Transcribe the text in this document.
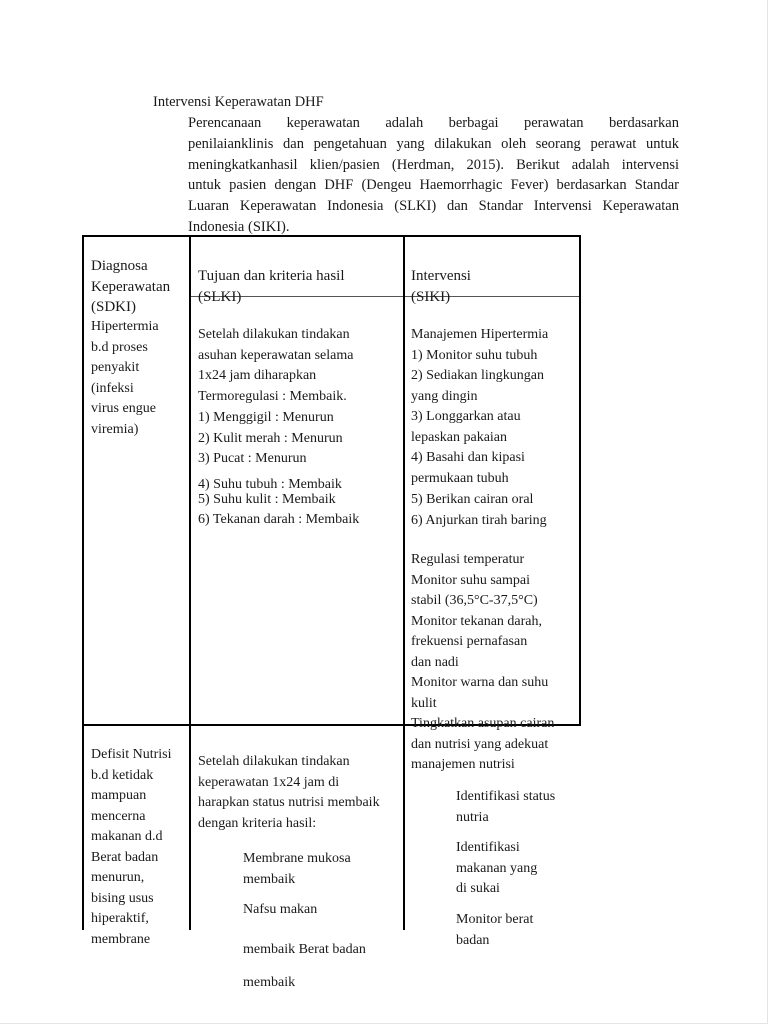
Intervensi Keperawatan DHF
Perencanaan keperawatan adalah berbagai perawatan berdasarkan
penilaianklinis dan pengetahuan yang dilakukan oleh seorang perawat untuk
meningkatkanhasil klien/pasien (Herdman, 2015). Berikut adalah intervensi
untuk pasien dengan DHF (Dengeu Haemorrhagic Fever) berdasarkan Standar
Luaran Keperawatan Indonesia (SLKI) dan Standar Intervensi Keperawatan
Indonesia (SIKI).
Diagnosa
Keperawatan
(SDKI)
Tujuan dan kriteria hasil
(SLKI)
Intervensi
(SIKI)
Hipertermia
b.d proses
penyakit
(infeksi
virus engue
viremia)
Setelah dilakukan tindakan
asuhan keperawatan selama
1x24 jam diharapkan
Termoregulasi : Membaik.
1) Menggigil : Menurun
2) Kulit merah : Menurun
3) Pucat : Menurun
4) Suhu tubuh : Membaik
5) Suhu kulit : Membaik
6) Tekanan darah : Membaik
Manajemen Hipertermia
1) Monitor suhu tubuh
2) Sediakan lingkungan
yang dingin
3) Longgarkan atau
lepaskan pakaian
4) Basahi dan kipasi
permukaan tubuh
5) Berikan cairan oral
6) Anjurkan tirah baring
Regulasi temperatur
Monitor suhu sampai
stabil (36,5°C-37,5°C)
Monitor tekanan darah,
frekuensi pernafasan
dan nadi
Monitor warna dan suhu
kulit
Defisit Nutrisi
b.d ketidak
mampuan
mencerna
makanan d.d
Berat badan
menurun,
bising usus
hiperaktif,
membrane
Setelah dilakukan tindakan
keperawatan 1x24 jam di
harapkan status nutrisi membaik
dengan kriteria hasil:
Membrane mukosa
membaik
Nafsu makan
membaik Berat badan
membaik
Tingkatkan asupan cairan
dan nutrisi yang adekuat
manajemen nutrisi
Identifikasi status
nutria
Identifikasi
makanan yang
di sukai
Monitor berat
badan
